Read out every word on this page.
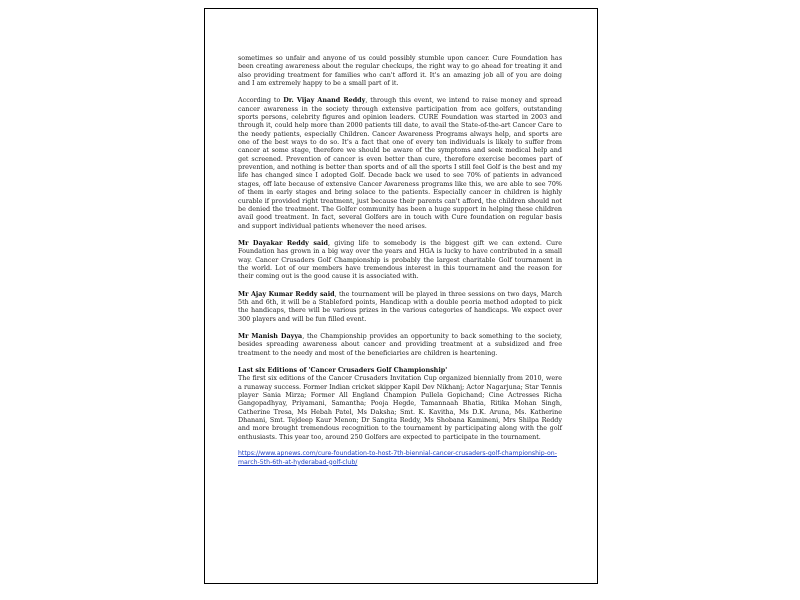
sometimes so unfair and anyone of us could possibly stumble upon cancer. Cure Foundation has been creating awareness about the regular checkups, the right way to go ahead for treating it and also providing treatment for families who can't afford it. It's an amazing job all of you are doing and I am extremely happy to be a small part of it.

According to Dr. Vijay Anand Reddy, through this event, we intend to raise money and spread cancer awareness in the society through extensive participation from ace golfers, outstanding sports persons, celebrity figures and opinion leaders. CURE Foundation was started in 2003 and through it, could help more than 2000 patients till date, to avail the State-of-the-art Cancer Care to the needy patients, especially Children. Cancer Awareness Programs always help, and sports are one of the best ways to do so. It's a fact that one of every ten individuals is likely to suffer from cancer at some stage, therefore we should be aware of the symptoms and seek medical help and get screened. Prevention of cancer is even better than cure, therefore exercise becomes part of prevention, and nothing is better than sports and of all the sports I still feel Golf is the best and my life has changed since I adopted Golf. Decade back we used to see 70% of patients in advanced stages, off late because of extensive Cancer Awareness programs like this, we are able to see 70% of them in early stages and bring solace to the patients. Especially cancer in children is highly curable if provided right treatment, just because their parents can't afford, the children should not be denied the treatment. The Golfer community has been a huge support in helping these children avail good treatment. In fact, several Golfers are in touch with Cure foundation on regular basis and support individual patients whenever the need arises.

Mr Dayakar Reddy said, giving life to somebody is the biggest gift we can extend. Cure Foundation has grown in a big way over the years and HGA is lucky to have contributed in a small way. Cancer Crusaders Golf Championship is probably the largest charitable Golf tournament in the world. Lot of our members have tremendous interest in this tournament and the reason for their coming out is the good cause it is associated with.

Mr Ajay Kumar Reddy said, the tournament will be played in three sessions on two days, March 5th and 6th, it will be a Stableford points, Handicap with a double peoria method adopted to pick the handicaps, there will be various prizes in the various categories of handicaps. We expect over 300 players and will be fun filled event.

Mr Manish Dayya, the Championship provides an opportunity to back something to the society, besides spreading awareness about cancer and providing treatment at a subsidized and free treatment to the needy and most of the beneficiaries are children is heartening.

Last six Editions of 'Cancer Crusaders Golf Championship'
The first six editions of the Cancer Crusaders Invitation Cup organized biennially from 2010, were a runaway success. Former Indian cricket skipper Kapil Dev Nikhanj; Actor Nagarjuna; Star Tennis player Sania Mirza; Former All England Champion Pullela Gopichand; Cine Actresses Richa Gangopadhyay, Priyamani, Samantha; Pooja Hegde, Tamannaah Bhatia, Ritika Mohan Singh, Catherine Tresa, Ms Hebah Patel, Ms Daksha; Smt. K. Kavitha, Ms D.K. Aruna, Ms. Katherine Dhanani, Smt. Tejdeep Kaur Menon; Dr Sangita Reddy, Ms Shobana Kamineni, Mrs Shilpa Reddy and more brought tremendous recognition to the tournament by participating along with the golf enthusiasts. This year too, around 250 Golfers are expected to participate in the tournament.

https://www.apnews.com/cure-foundation-to-host-7th-biennial-cancer-crusaders-golf-championship-on-march-5th-6th-at-hyderabad-golf-club/
